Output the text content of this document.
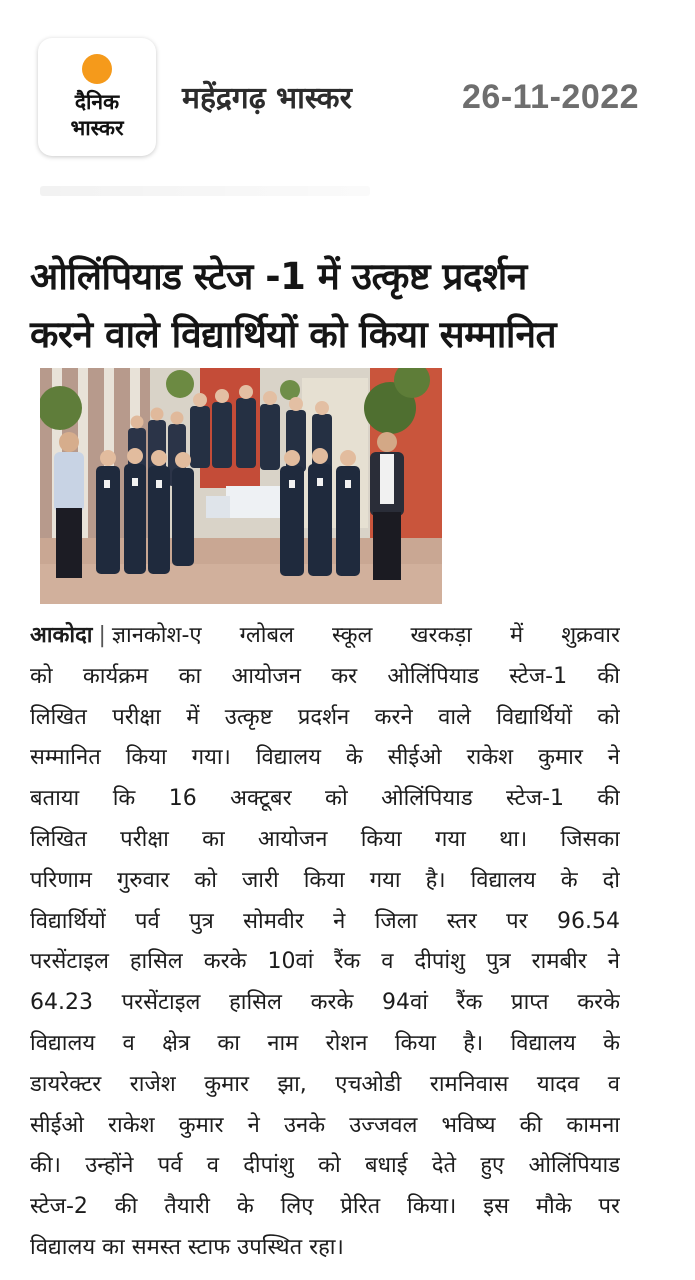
दैनिक
भास्कर
महेंद्रगढ़ भास्कर	26-11-2022
ओलिंपियाड स्टेज -1 में उत्कृष्ट प्रदर्शन
करने वाले विद्यार्थियों को किया सम्मानित
आकोदा | ज्ञानकोश-ए ग्लोबल स्कूल खरकड़ा में शुक्रवार
को कार्यक्रम का आयोजन कर ओलिंपियाड स्टेज-1 की
लिखित परीक्षा में उत्कृष्ट प्रदर्शन करने वाले विद्यार्थियों को
सम्मानित किया गया। विद्यालय के सीईओ राकेश कुमार ने
बताया कि 16 अक्टूबर को ओलिंपियाड स्टेज-1 की
लिखित परीक्षा का आयोजन किया गया था। जिसका
परिणाम गुरुवार को जारी किया गया है। विद्यालय के दो
विद्यार्थियों पर्व पुत्र सोमवीर ने जिला स्तर पर 96.54
परसेंटाइल हासिल करके 10वां रैंक व दीपांशु पुत्र रामबीर ने
64.23 परसेंटाइल हासिल करके 94वां रैंक प्राप्त करके
विद्यालय व क्षेत्र का नाम रोशन किया है। विद्यालय के
डायरेक्टर राजेश कुमार झा, एचओडी रामनिवास यादव व
सीईओ राकेश कुमार ने उनके उज्जवल भविष्य की कामना
की। उन्होंने पर्व व दीपांशु को बधाई देते हुए ओलिंपियाड
स्टेज-2 की तैयारी के लिए प्रेरित किया। इस मौके पर
विद्यालय का समस्त स्टाफ उपस्थित रहा।
